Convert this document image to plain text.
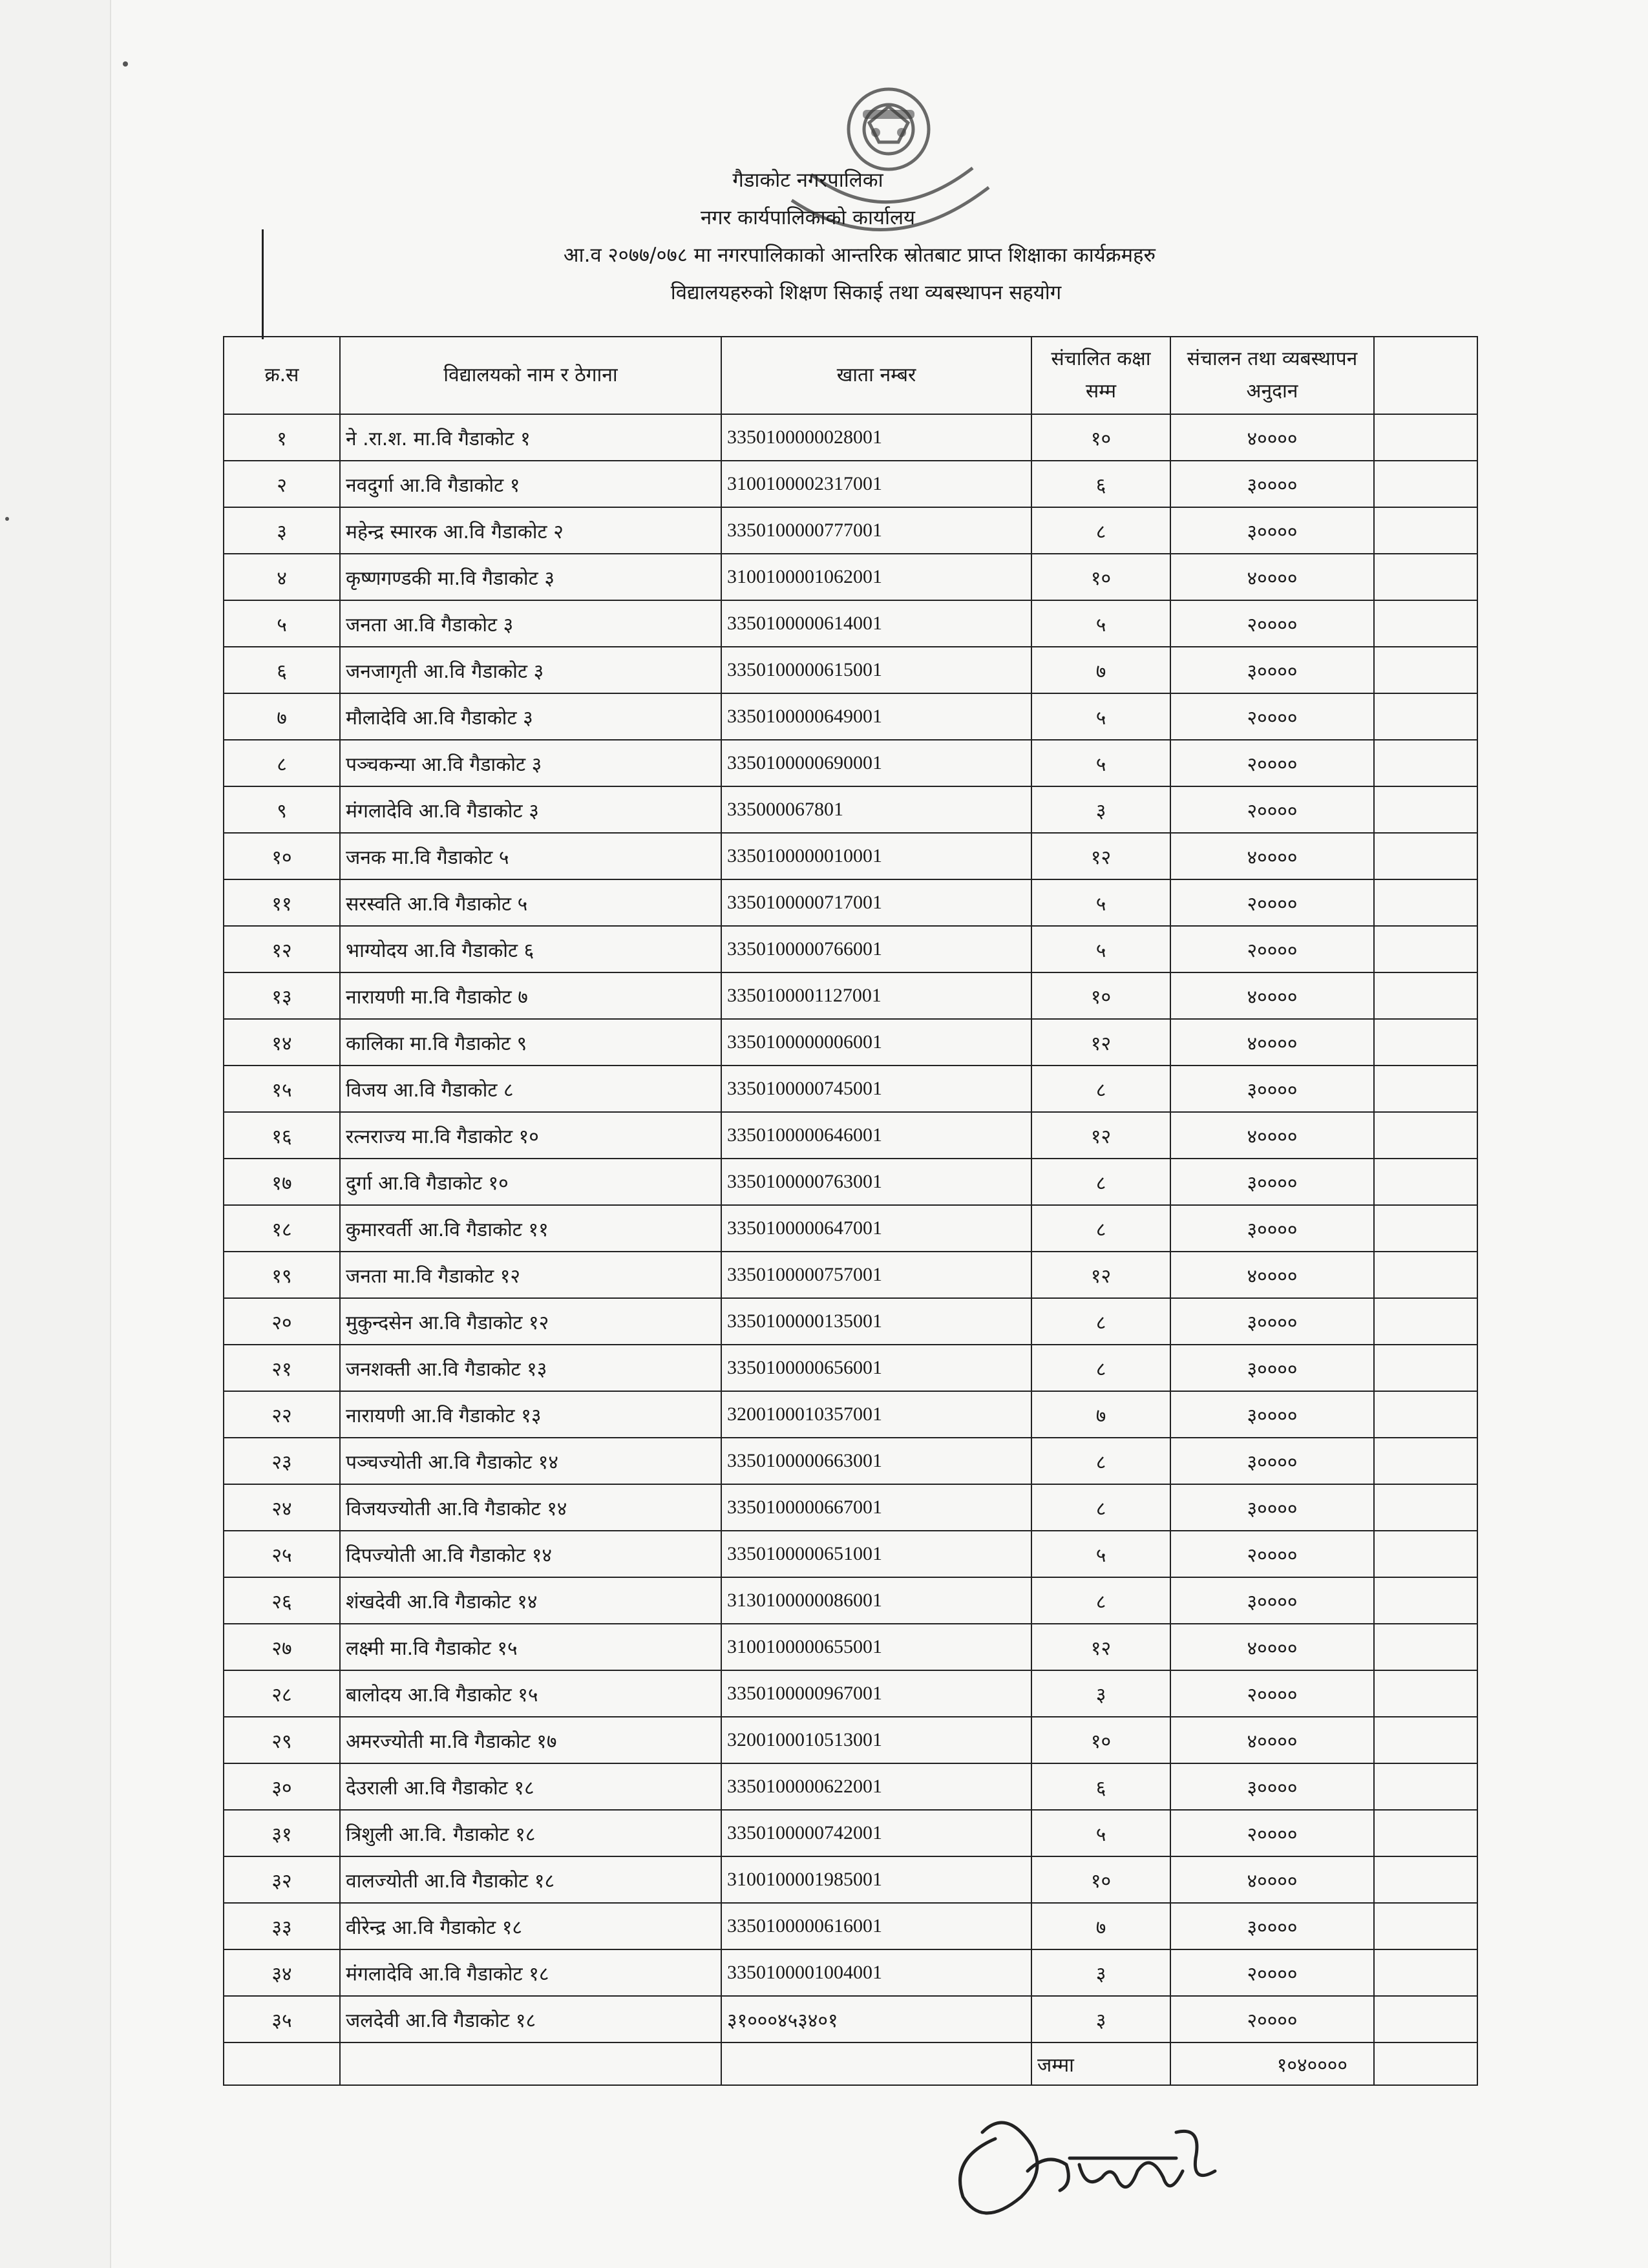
गैडाकोट नगरपालिका
नगर कार्यपालिकाको कार्यालय
आ.व २०७७/०७८ मा नगरपालिकाको आन्तरिक स्रोतबाट प्राप्त शिक्षाका कार्यक्रमहरु
विद्यालयहरुको शिक्षण सिकाई तथा व्यबस्थापन सहयोग
क्र.स	विद्यालयको नाम र ठेगाना	खाता नम्बर	संचालित कक्षा सम्म	संचालन तथा व्यबस्थापन अनुदान	
१	ने .रा.श. मा.वि गैडाकोट १	3350100000028001	१०	४००००	
२	नवदुर्गा आ.वि गैडाकोट १	3100100002317001	६	३००००	
३	महेन्द्र स्मारक आ.वि गैडाकोट २	3350100000777001	८	३००००	
४	कृष्णगण्डकी मा.वि गैडाकोट ३	3100100001062001	१०	४००००	
५	जनता आ.वि गैडाकोट ३	3350100000614001	५	२००००	
६	जनजागृती आ.वि गैडाकोट ३	3350100000615001	७	३००००	
७	मौलादेवि आ.वि गैडाकोट ३	3350100000649001	५	२००००	
८	पञ्चकन्या आ.वि गैडाकोट ३	3350100000690001	५	२००००	
९	मंगलादेवि आ.वि गैडाकोट ३	335000067801	३	२००००	
१०	जनक मा.वि गैडाकोट ५	3350100000010001	१२	४००००	
११	सरस्वति आ.वि गैडाकोट ५	3350100000717001	५	२००००	
१२	भाग्योदय आ.वि गैडाकोट ६	3350100000766001	५	२००००	
१३	नारायणी मा.वि गैडाकोट ७	3350100001127001	१०	४००००	
१४	कालिका मा.वि गैडाकोट ९	3350100000006001	१२	४००००	
१५	विजय आ.वि गैडाकोट ८	3350100000745001	८	३००००	
१६	रत्नराज्य मा.वि गैडाकोट १०	3350100000646001	१२	४००००	
१७	दुर्गा आ.वि गैडाकोट १०	3350100000763001	८	३००००	
१८	कुमारवर्ती आ.वि गैडाकोट ११	3350100000647001	८	३००००	
१९	जनता मा.वि गैडाकोट १२	3350100000757001	१२	४००००	
२०	मुकुन्दसेन आ.वि गैडाकोट १२	3350100000135001	८	३००००	
२१	जनशक्ती आ.वि गैडाकोट १३	3350100000656001	८	३००००	
२२	नारायणी आ.वि गैडाकोट १३	3200100010357001	७	३००००	
२३	पञ्चज्योती आ.वि गैडाकोट १४	3350100000663001	८	३००००	
२४	विजयज्योती आ.वि गैडाकोट १४	3350100000667001	८	३००००	
२५	दिपज्योती आ.वि गैडाकोट १४	3350100000651001	५	२००००	
२६	शंखदेवी आ.वि गैडाकोट १४	3130100000086001	८	३००००	
२७	लक्ष्मी मा.वि गैडाकोट १५	3100100000655001	१२	४००००	
२८	बालोदय आ.वि गैडाकोट १५	3350100000967001	३	२००००	
२९	अमरज्योती मा.वि गैडाकोट १७	3200100010513001	१०	४००००	
३०	देउराली आ.वि गैडाकोट १८	3350100000622001	६	३००००	
३१	त्रिशुली आ.वि. गैडाकोट १८	3350100000742001	५	२००००	
३२	वालज्योती आ.वि गैडाकोट १८	3100100001985001	१०	४००००	
३३	वीरेन्द्र आ.वि गैडाकोट १८	3350100000616001	७	३००००	
३४	मंगलादेवि आ.वि गैडाकोट १८	3350100001004001	३	२००००	
३५	जलदेवी आ.वि गैडाकोट १८	३१०००४५३४०१	३	२००००	
			जम्मा	१०४००००	
